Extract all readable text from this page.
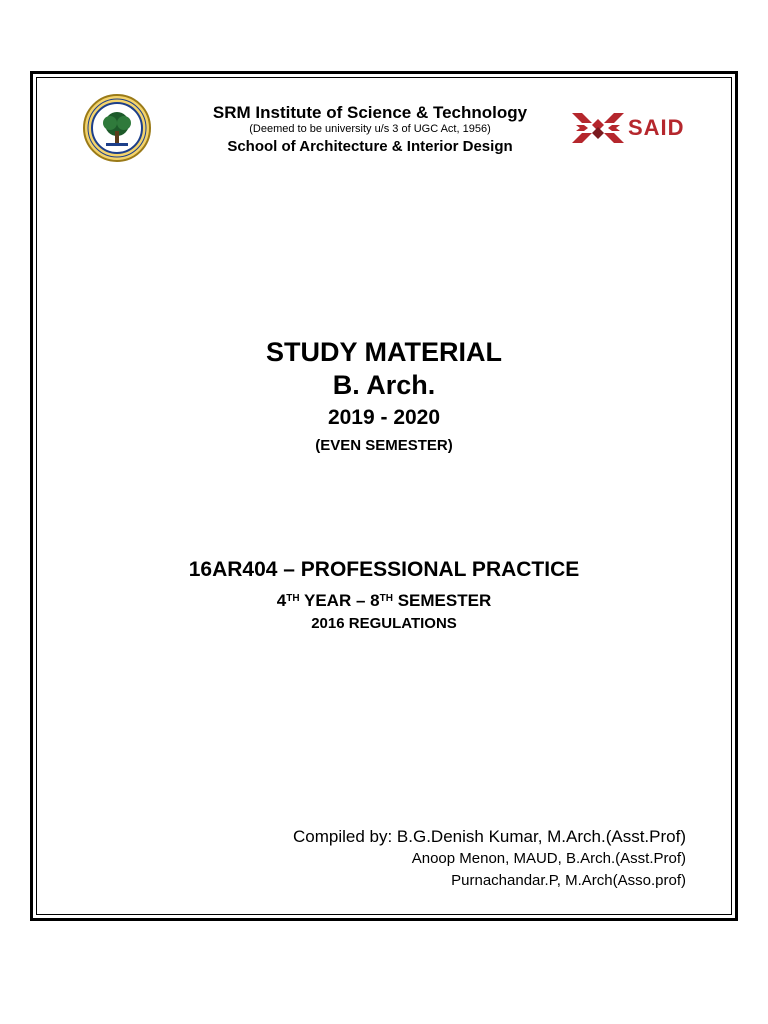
SRM Institute of Science & Technology
(Deemed to be university u/s 3 of UGC Act, 1956)
School of Architecture & Interior Design
SAID
STUDY MATERIAL
B. Arch.
2019 - 2020
(EVEN SEMESTER)
16AR404 – PROFESSIONAL PRACTICE
4TH YEAR – 8TH SEMESTER
2016 REGULATIONS
Compiled by: B.G.Denish Kumar, M.Arch.(Asst.Prof)
Anoop Menon, MAUD, B.Arch.(Asst.Prof)
Purnachandar.P, M.Arch(Asso.prof)
